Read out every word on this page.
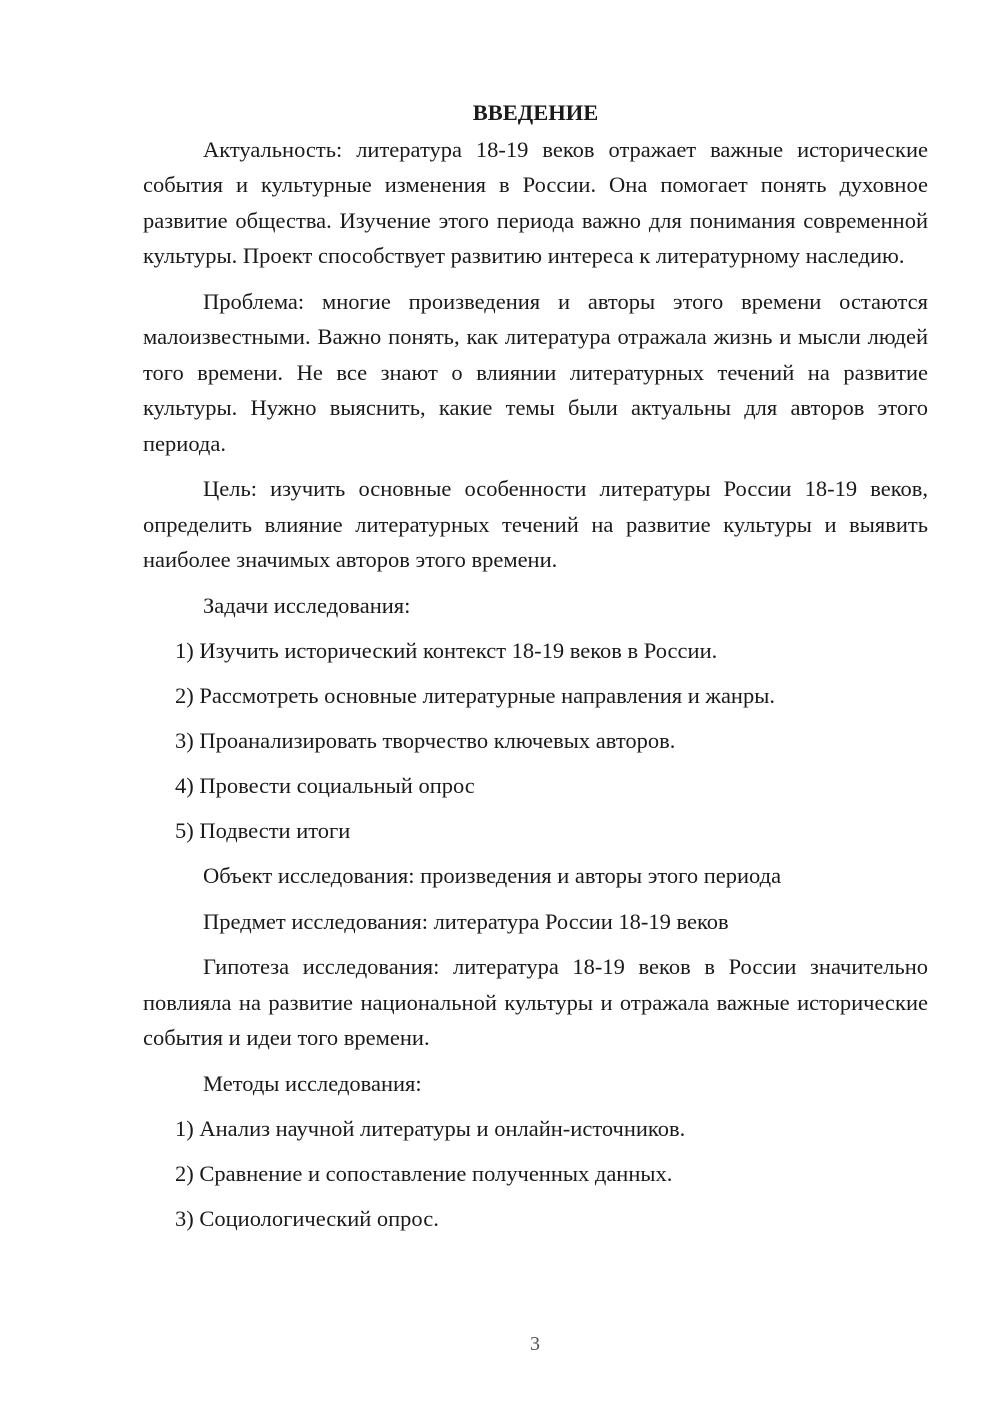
ВВЕДЕНИЕ

Актуальность: литература 18-19 веков отражает важные исторические события и культурные изменения в России. Она помогает понять духовное развитие общества. Изучение этого периода важно для понимания современной культуры. Проект способствует развитию интереса к литературному наследию.

Проблема: многие произведения и авторы этого времени остаются малоизвестными. Важно понять, как литература отражала жизнь и мысли людей того времени. Не все знают о влиянии литературных течений на развитие культуры. Нужно выяснить, какие темы были актуальны для авторов этого периода.

Цель: изучить основные особенности литературы России 18-19 веков, определить влияние литературных течений на развитие культуры и выявить наиболее значимых авторов этого времени.

Задачи исследования:
1) Изучить исторический контекст 18-19 веков в России.
2) Рассмотреть основные литературные направления и жанры.
3) Проанализировать творчество ключевых авторов.
4) Провести социальный опрос
5) Подвести итоги
Объект исследования: произведения и авторы этого периода
Предмет исследования: литература России 18-19 веков

Гипотеза исследования: литература 18-19 веков в России значительно повлияла на развитие национальной культуры и отражала важные исторические события и идеи того времени.

Методы исследования:
1) Анализ научной литературы и онлайн-источников.
2) Сравнение и сопоставление полученных данных.
3) Социологический опрос.
3
